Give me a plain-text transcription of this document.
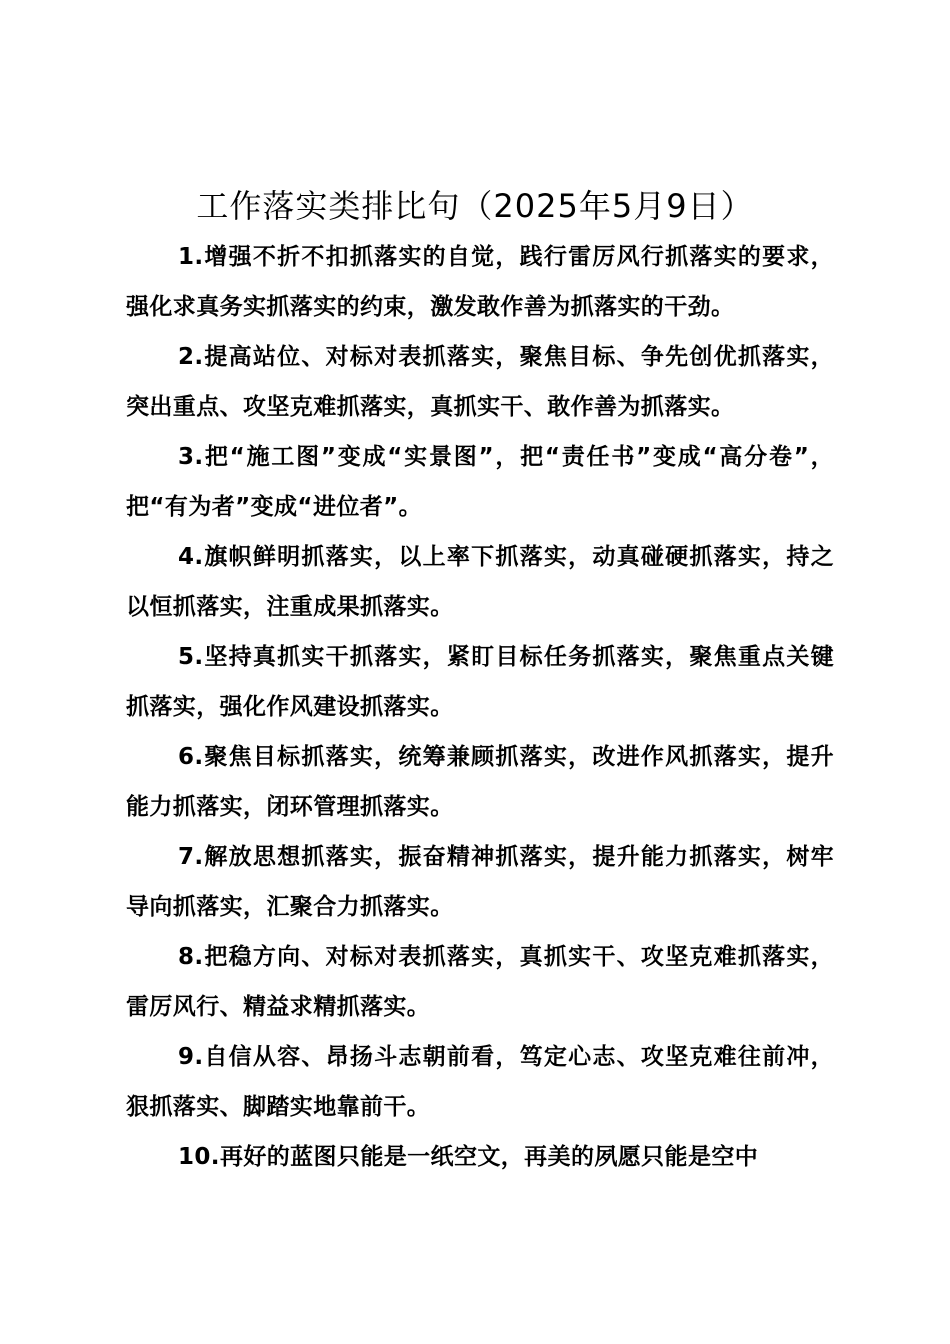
工作落实类排比句（2025年5月9日）

1.增强不折不扣抓落实的自觉，践行雷厉风行抓落实的要求，强化求真务实抓落实的约束，激发敢作善为抓落实的干劲。

2.提高站位、对标对表抓落实，聚焦目标、争先创优抓落实，突出重点、攻坚克难抓落实，真抓实干、敢作善为抓落实。

3.把“施工图”变成“实景图”，把“责任书”变成“高分卷”，把“有为者”变成“进位者”。

4.旗帜鲜明抓落实，以上率下抓落实，动真碰硬抓落实，持之以恒抓落实，注重成果抓落实。

5.坚持真抓实干抓落实，紧盯目标任务抓落实，聚焦重点关键抓落实，强化作风建设抓落实。

6.聚焦目标抓落实，统筹兼顾抓落实，改进作风抓落实，提升能力抓落实，闭环管理抓落实。

7.解放思想抓落实，振奋精神抓落实，提升能力抓落实，树牢导向抓落实，汇聚合力抓落实。

8.把稳方向、对标对表抓落实，真抓实干、攻坚克难抓落实，雷厉风行、精益求精抓落实。

9.自信从容、昂扬斗志朝前看，笃定心志、攻坚克难往前冲，狠抓落实、脚踏实地靠前干。

10.再好的蓝图只能是一纸空文，再美的夙愿只能是空中
